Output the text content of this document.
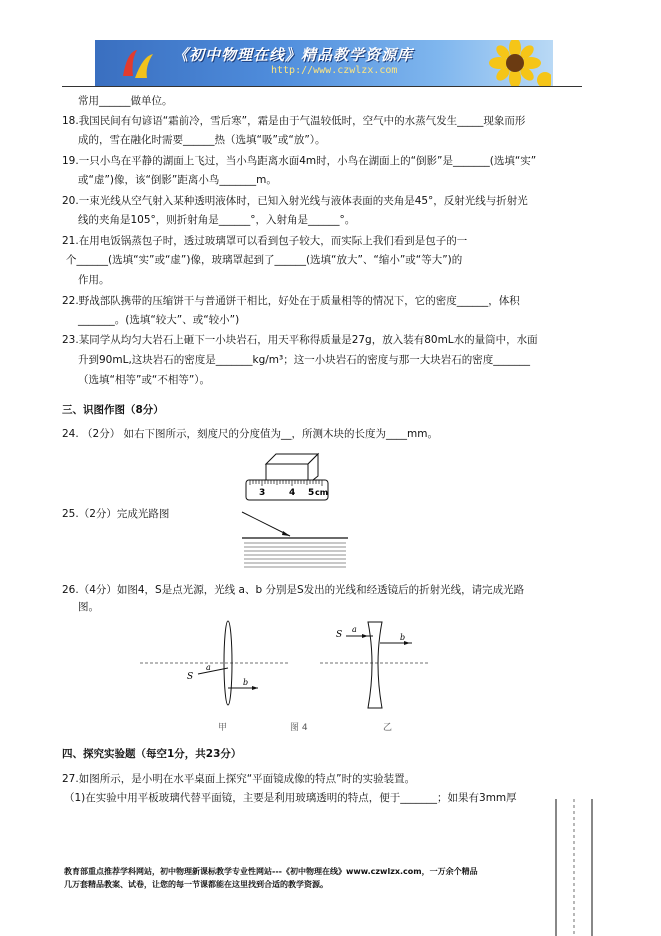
《初中物理在线》精品教学资源库
http://www.czwlzx.com
常用______做单位。
18.我国民间有句谚语“霜前冷，雪后寒”，霜是由于气温较低时，空气中的水蒸气发生_____现象而形
成的，雪在融化时需要______热（选填“吸”或“放”）。
19.一只小鸟在平静的湖面上飞过，当小鸟距离水面4m时，小鸟在湖面上的“倒影”是_______(选填“实”
或“虚”)像，该“倒影”距离小鸟_______m。
20.一束光线从空气射入某种透明液体时，已知入射光线与液体表面的夹角是45°，反射光线与折射光
线的夹角是105°，则折射角是______°，入射角是______°。
21.在用电饭锅蒸包子时，透过玻璃罩可以看到包子较大，而实际上我们看到是包子的一
个______(选填“实”或“虚”)像，玻璃罩起到了______(选填“放大”、“缩小”或“等大”)的
作用。
22.野战部队携带的压缩饼干与普通饼干相比，好处在于质量相等的情况下，它的密度______，体积
_______。(选填“较大”、或“较小”)
23.某同学从均匀大岩石上砸下一小块岩石，用天平称得质量是27g，放入装有80mL水的量筒中，水面
升到90mL,这块岩石的密度是_______kg/m³；这一小块岩石的密度与那一大块岩石的密度_______
（选填“相等”或“不相等”）。
三、识图作图（8分）
24. （2分） 如右下图所示，刻度尺的分度值为__，所测木块的长度为____mm。
3	4 5 cm
25.（2分）完成光路图
26.（4分）如图4，S是点光源，光线 a、b 分别是S发出的光线和经透镜后的折射光线，请完成光路
图。
a
b
S
S
a
b
甲	图 4	乙
四、探究实验题（每空1分，共23分）
27.如图所示，是小明在水平桌面上探究“平面镜成像的特点”时的实验装置。
（1)在实验中用平板玻璃代替平面镜，主要是利用玻璃透明的特点，便于_______；如果有3mm厚
教育部重点推荐学科网站，初中物理新课标教学专业性网站---《初中物理在线》www.czwlzx.com，一万余个精品
几万套精品教案、试卷，让您的每一节课都能在这里找到合适的教学资源。
